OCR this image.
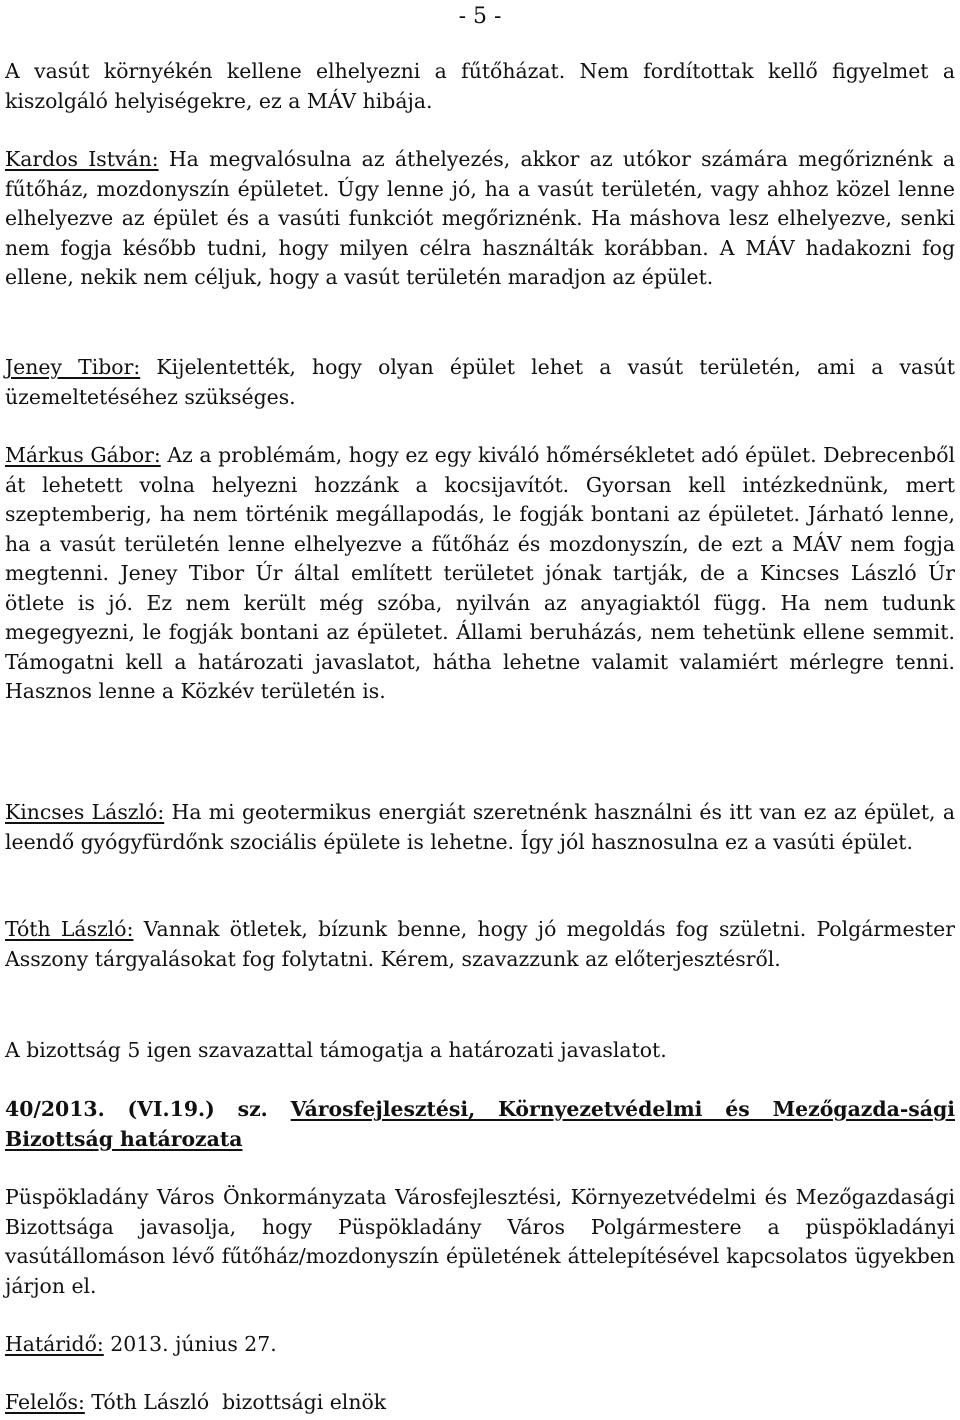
- 5 -

A vasút környékén kellene elhelyezni a fűtőházat. Nem fordítottak kellő figyelmet a kiszolgáló helyiségekre, ez a MÁV hibája.

Kardos István: Ha megvalósulna az áthelyezés, akkor az utókor számára megőriznénk a fűtőház, mozdonyszín épületet. Úgy lenne jó, ha a vasút területén, vagy ahhoz közel lenne elhelyezve az épület és a vasúti funkciót megőriznénk. Ha máshova lesz elhelyezve, senki nem fogja később tudni, hogy milyen célra használták korábban. A MÁV hadakozni fog ellene, nekik nem céljuk, hogy a vasút területén maradjon az épület.

Jeney Tibor: Kijelentették, hogy olyan épület lehet a vasút területén, ami a vasút üzemeltetéséhez szükséges.

Márkus Gábor: Az a problémám, hogy ez egy kiváló hőmérsékletet adó épület. Debrecenből át lehetett volna helyezni hozzánk a kocsijavítót. Gyorsan kell intézkednünk, mert szeptemberig, ha nem történik megállapodás, le fogják bontani az épületet. Járható lenne, ha a vasút területén lenne elhelyezve a fűtőház és mozdonyszín, de ezt a MÁV nem fogja megtenni. Jeney Tibor Úr által említett területet jónak tartják, de a Kincses László Úr ötlete is jó. Ez nem került még szóba, nyilván az anyagiaktól függ. Ha nem tudunk megegyezni, le fogják bontani az épületet. Állami beruházás, nem tehetünk ellene semmit. Támogatni kell a határozati javaslatot, hátha lehetne valamit valamiért mérlegre tenni. Hasznos lenne a Közkév területén is.

Kincses László: Ha mi geotermikus energiát szeretnénk használni és itt van ez az épület, a leendő gyógyfürdőnk szociális épülete is lehetne. Így jól hasznosulna ez a vasúti épület.

Tóth László: Vannak ötletek, bízunk benne, hogy jó megoldás fog születni. Polgármester Asszony tárgyalásokat fog folytatni. Kérem, szavazzunk az előterjesztésről.

A bizottság 5 igen szavazattal támogatja a határozati javaslatot.

40/2013. (VI.19.) sz. Városfejlesztési, Környezetvédelmi és Mezőgazda-sági Bizottság határozata

Püspökladány Város Önkormányzata Városfejlesztési, Környezetvédelmi és Mezőgazdasági Bizottsága javasolja, hogy Püspökladány Város Polgármestere a püspökladányi vasútállomáson lévő fűtőház/mozdonyszín épületének áttelepítésével kapcsolatos ügyekben járjon el.

Határidő: 2013. június 27.

Felelős: Tóth László  bizottsági elnök
